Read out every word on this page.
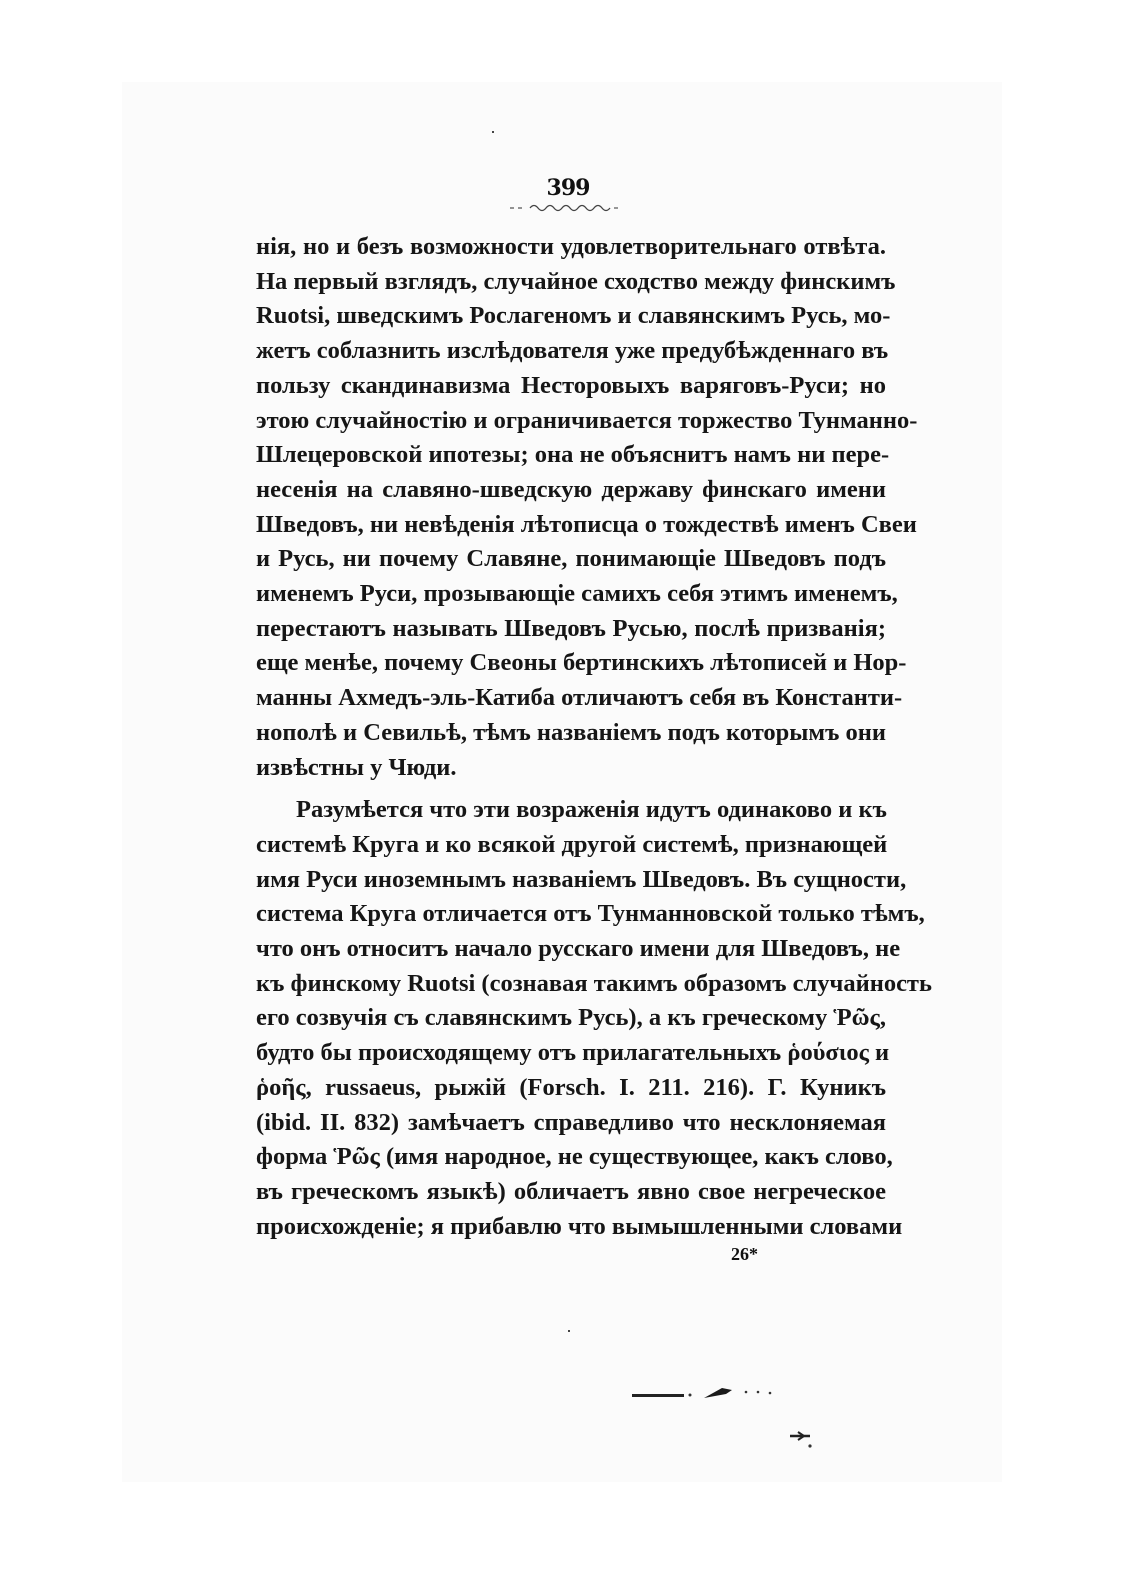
399
нія, но и безъ возможности удовлетворительнаго отвѣта.
На первый взглядъ, случайное сходство между финскимъ
Ruotsi, шведскимъ Рослагеномъ и славянскимъ Русь, мо-
жетъ соблазнить изслѣдователя уже предубѣжденнаго въ
пользу скандинавизма Несторовыхъ варяговъ-Руси; но
этою случайностію и ограничивается торжество Тунманно-
Шлецеровской ипотезы; она не объяснитъ намъ ни пере-
несенія на славяно-шведскую державу финскаго имени
Шведовъ, ни невѣденія лѣтописца о тождествѣ именъ Свеи
и Русь, ни почему Славяне, понимающіе Шведовъ подъ
именемъ Руси, прозывающіе самихъ себя этимъ именемъ,
перестаютъ называть Шведовъ Русью, послѣ призванія;
еще менѣе, почему Свеоны бертинскихъ лѣтописей и Нор-
манны Ахмедъ-эль-Катиба отличаютъ себя въ Константи-
нополѣ и Севильѣ, тѣмъ названіемъ подъ которымъ они
извѣстны у Чюди.
Разумѣется что эти возраженія идутъ одинаково и къ
системѣ Круга и ко всякой другой системѣ, признающей
имя Руси иноземнымъ названіемъ Шведовъ. Въ сущности,
система Круга отличается отъ Тунманновской только тѣмъ,
что онъ относитъ начало русскаго имени для Шведовъ, не
къ финскому Ruotsi (сознавая такимъ образомъ случайность
его созвучія съ славянскимъ Русь), а къ греческому Ῥῶς,
будто бы происходящему отъ прилагательныхъ ῥούσιος и
ῥοῆς, russaeus, рыжій (Forsch. I. 211. 216). Г. Куникъ
(ibid. II. 832) замѣчаетъ справедливо что несклоняемая
форма Ῥῶς (имя народное, не существующее, какъ слово,
въ греческомъ языкѣ) обличаетъ явно свое негреческое
происхожденіе; я прибавлю что вымышленными словами
26*
